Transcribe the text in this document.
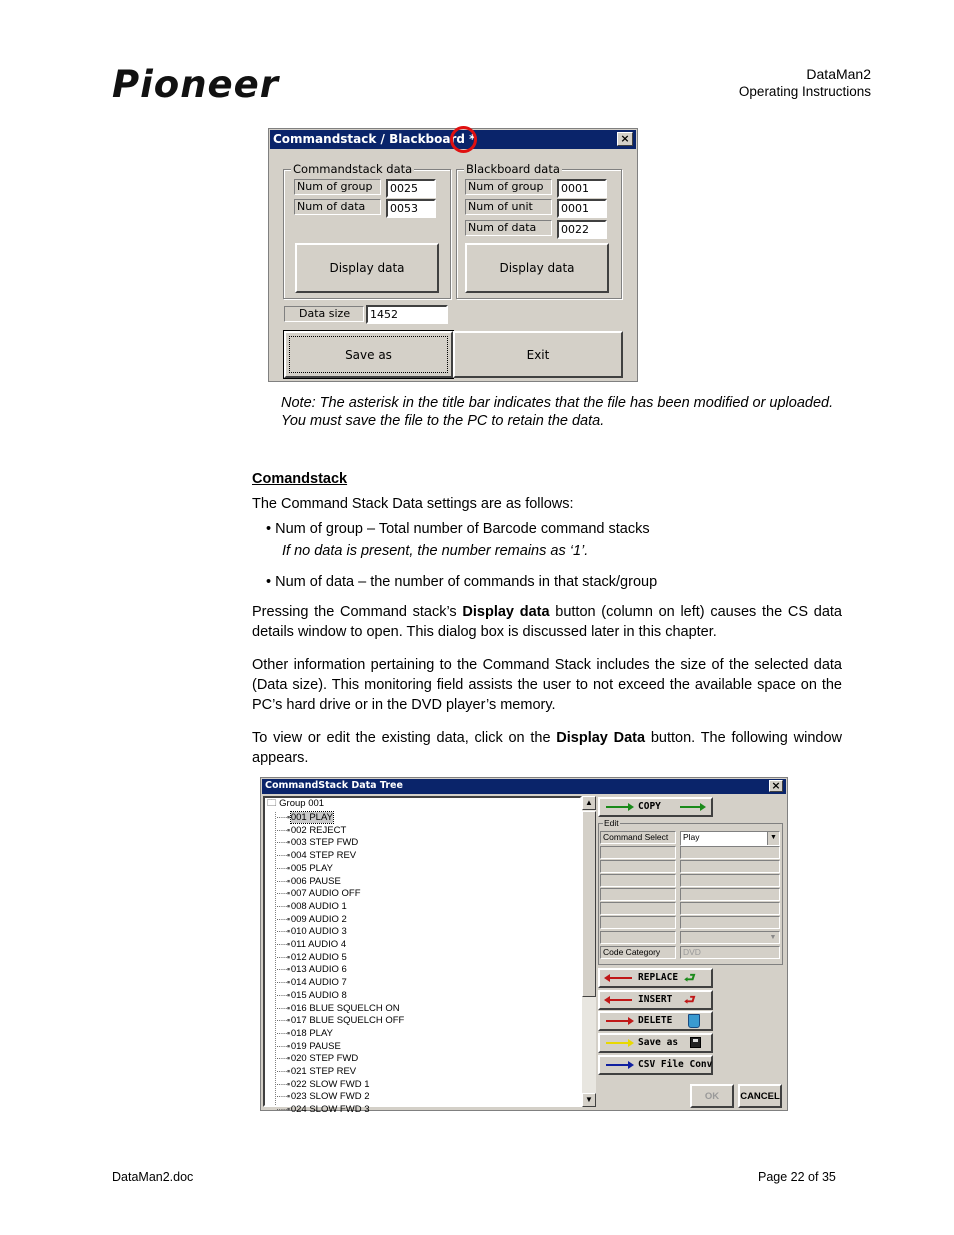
Pioneer	DataMan2
Operating Instructions
Commandstack / Blackboard *	×
Commandstack data
Num of group	0025
Num of data	0053
Display data
Blackboard data
Num of group	0001
Num of unit	0001
Num of data	0022
Display data
Data size	1452
Save as	Exit
Note: The asterisk in the title bar indicates that the file has been modified or uploaded. You must save the file to the PC to retain the data.
Comandstack
The Command Stack Data settings are as follows:
• Num of group – Total number of Barcode command stacks
If no data is present, the number remains as ‘1’.
• Num of data – the number of commands in that stack/group
Pressing the Command stack’s Display data button (column on left) causes the CS data details window to open. This dialog box is discussed later in this chapter.
Other information pertaining to the Command Stack includes the size of the selected data (Data size). This monitoring field assists the user to not exceed the available space on the PC’s hard drive or in the DVD player’s memory.
To view or edit the existing data, click on the Display Data button. The following window appears.
CommandStack Data Tree	×
🗀 Group 001
·····▪ 001 PLAY
·····▪ 002 REJECT
·····▪ 003 STEP FWD
·····▪ 004 STEP REV
·····▪ 005 PLAY
·····▪ 006 PAUSE
·····▪ 007 AUDIO OFF
·····▪ 008 AUDIO 1
·····▪ 009 AUDIO 2
·····▪ 010 AUDIO 3
·····▪ 011 AUDIO 4
·····▪ 012 AUDIO 5
·····▪ 013 AUDIO 6
·····▪ 014 AUDIO 7
·····▪ 015 AUDIO 8
·····▪ 016 BLUE SQUELCH ON
·····▪ 017 BLUE SQUELCH OFF
·····▪ 018 PLAY
·····▪ 019 PAUSE
·····▪ 020 STEP FWD
·····▪ 021 STEP REV
·····▪ 022 SLOW FWD 1
·····▪ 023 SLOW FWD 2
·····▪ 024 SLOW FWD 3
▲
▼
COPY
Edit
Command Select	Play	▼
▼
Code Category	DVD
REPLACE ⮐
INSERT ⮐
DELETE
Save as
CSV File Conv
OK	CANCEL
DataMan2.doc	Page 22 of 35
